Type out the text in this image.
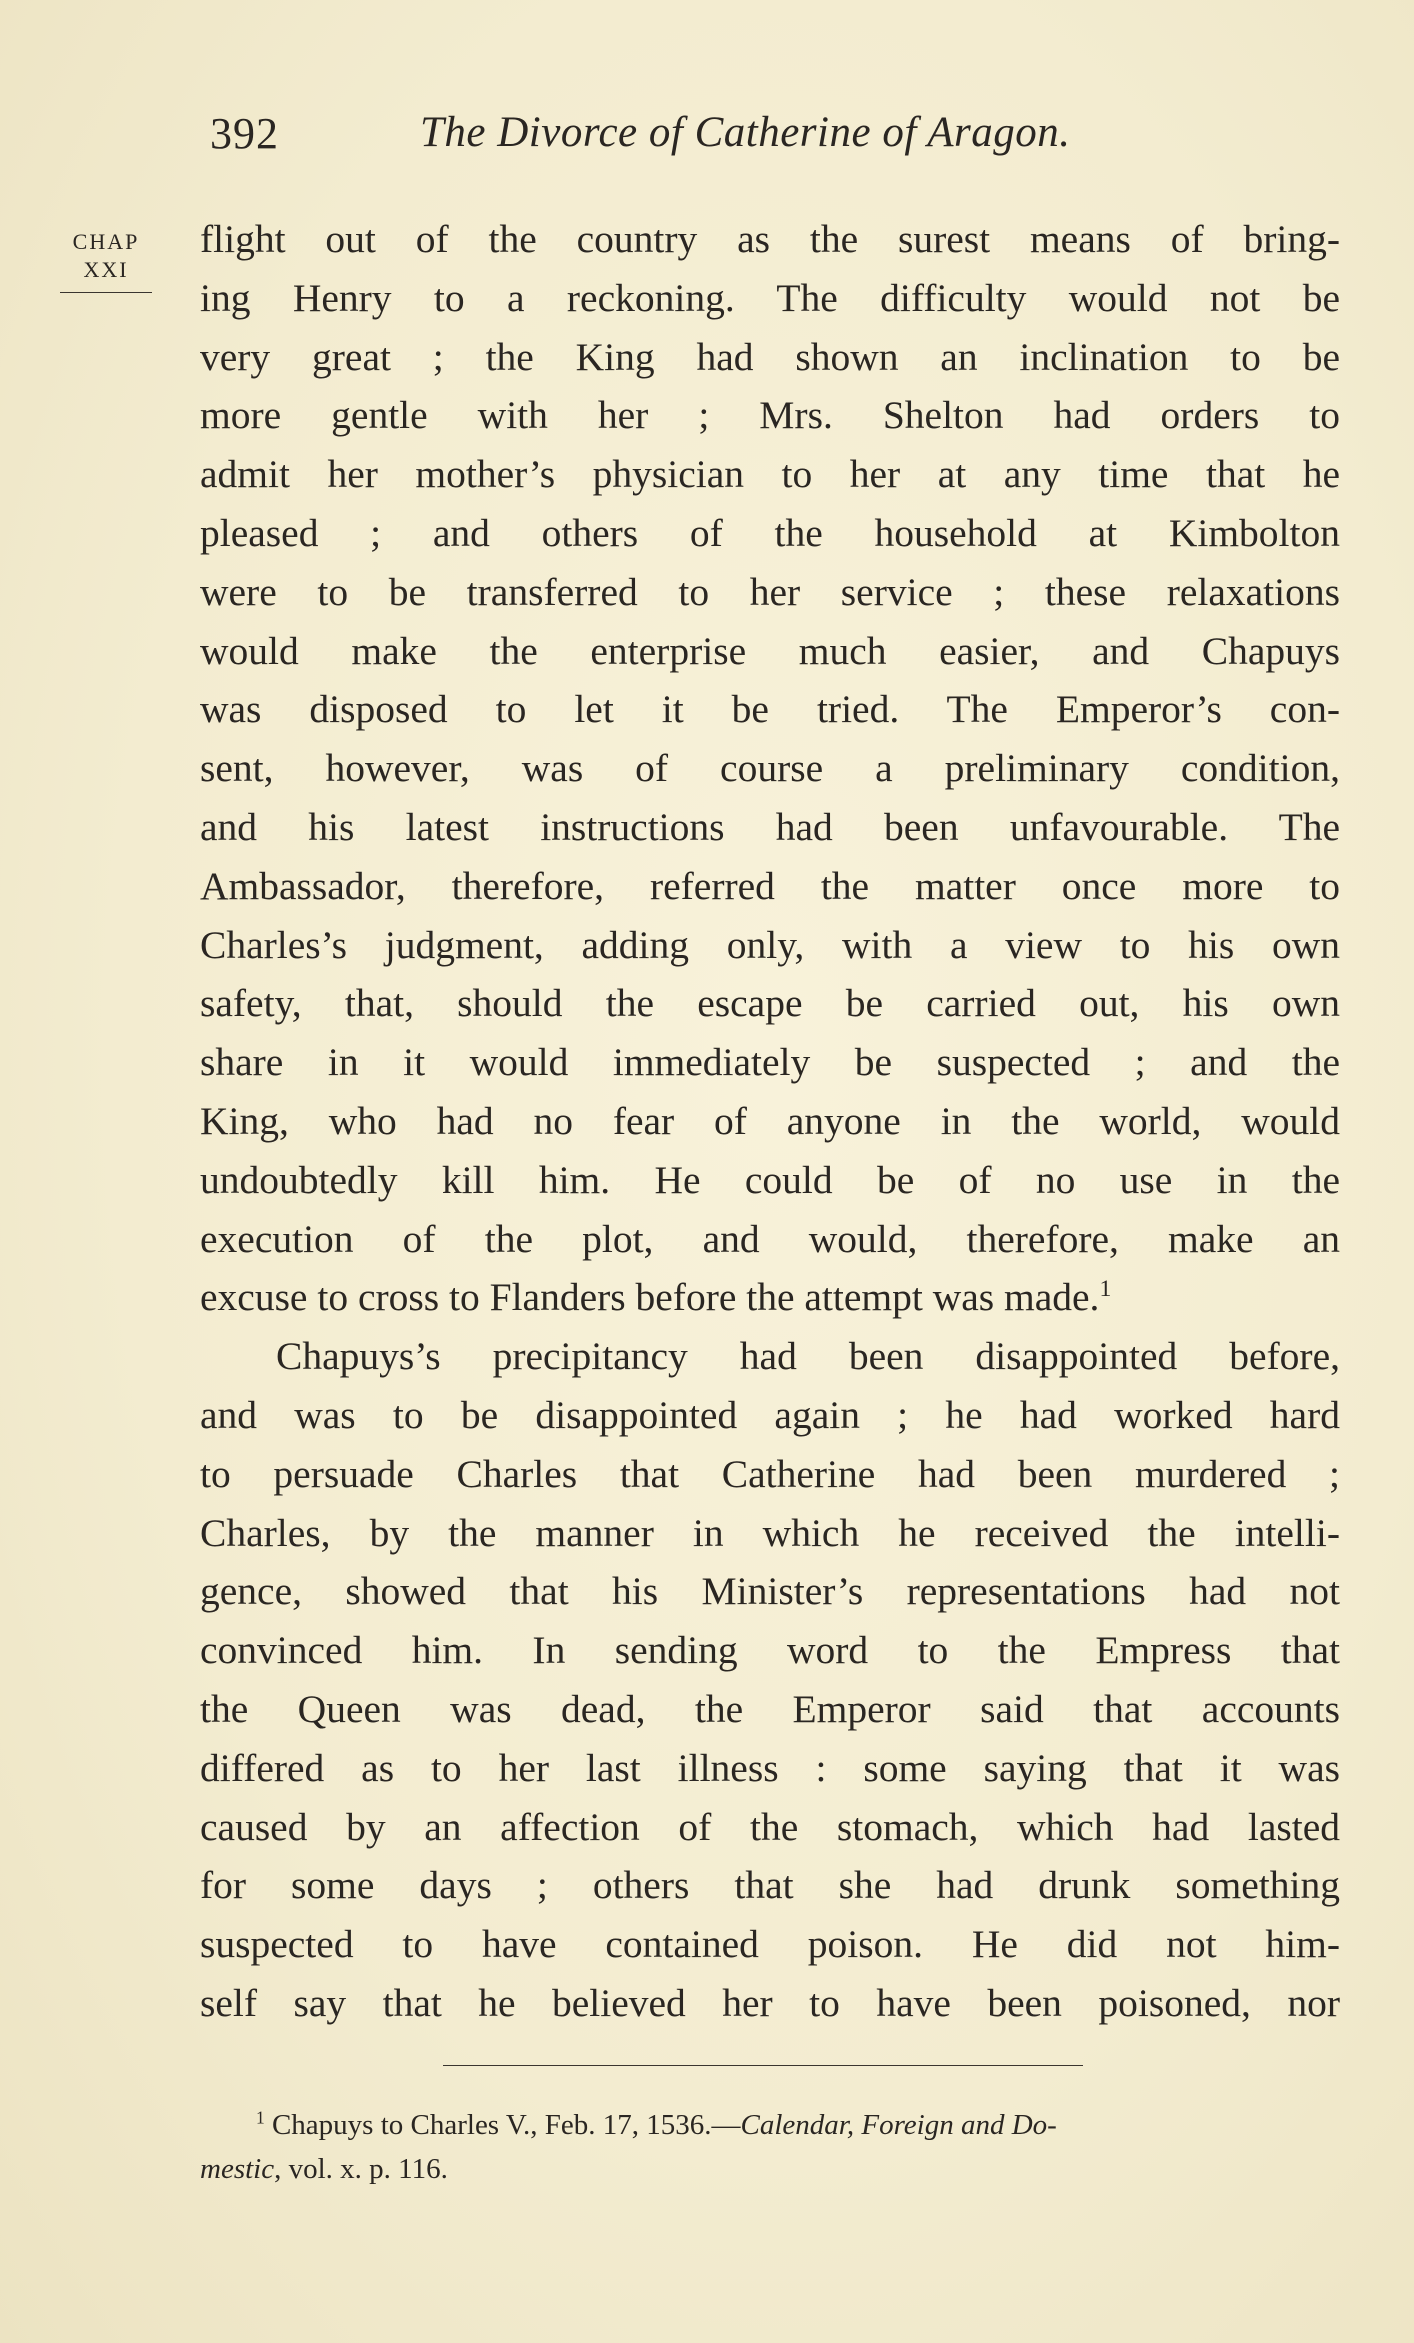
392	The Divorce of Catherine of Aragon.
CHAP
XXI
flight out of the country as the surest means of bring-
ing Henry to a reckoning. The difficulty would not be
very great ; the King had shown an inclination to be
more gentle with her ; Mrs. Shelton had orders to
admit her mother’s physician to her at any time that he
pleased ; and others of the household at Kimbolton
were to be transferred to her service ; these relaxations
would make the enterprise much easier, and Chapuys
was disposed to let it be tried. The Emperor’s con-
sent, however, was of course a preliminary condition,
and his latest instructions had been unfavourable. The
Ambassador, therefore, referred the matter once more to
Charles’s judgment, adding only, with a view to his own
safety, that, should the escape be carried out, his own
share in it would immediately be suspected ; and the
King, who had no fear of anyone in the world, would
undoubtedly kill him. He could be of no use in the
execution of the plot, and would, therefore, make an
excuse to cross to Flanders before the attempt was made.$^1$
Chapuys’s precipitancy had been disappointed before,
and was to be disappointed again ; he had worked hard
to persuade Charles that Catherine had been murdered ;
Charles, by the manner in which he received the intelli-
gence, showed that his Minister’s representations had not
convinced him. In sending word to the Empress that
the Queen was dead, the Emperor said that accounts
differed as to her last illness : some saying that it was
caused by an affection of the stomach, which had lasted
for some days ; others that she had drunk something
suspected to have contained poison. He did not him-
self say that he believed her to have been poisoned, nor
$^1$ Chapuys to Charles V., Feb. 17, 1536.—Calendar, Foreign and Do-
mestic, vol. x. p. 116.
